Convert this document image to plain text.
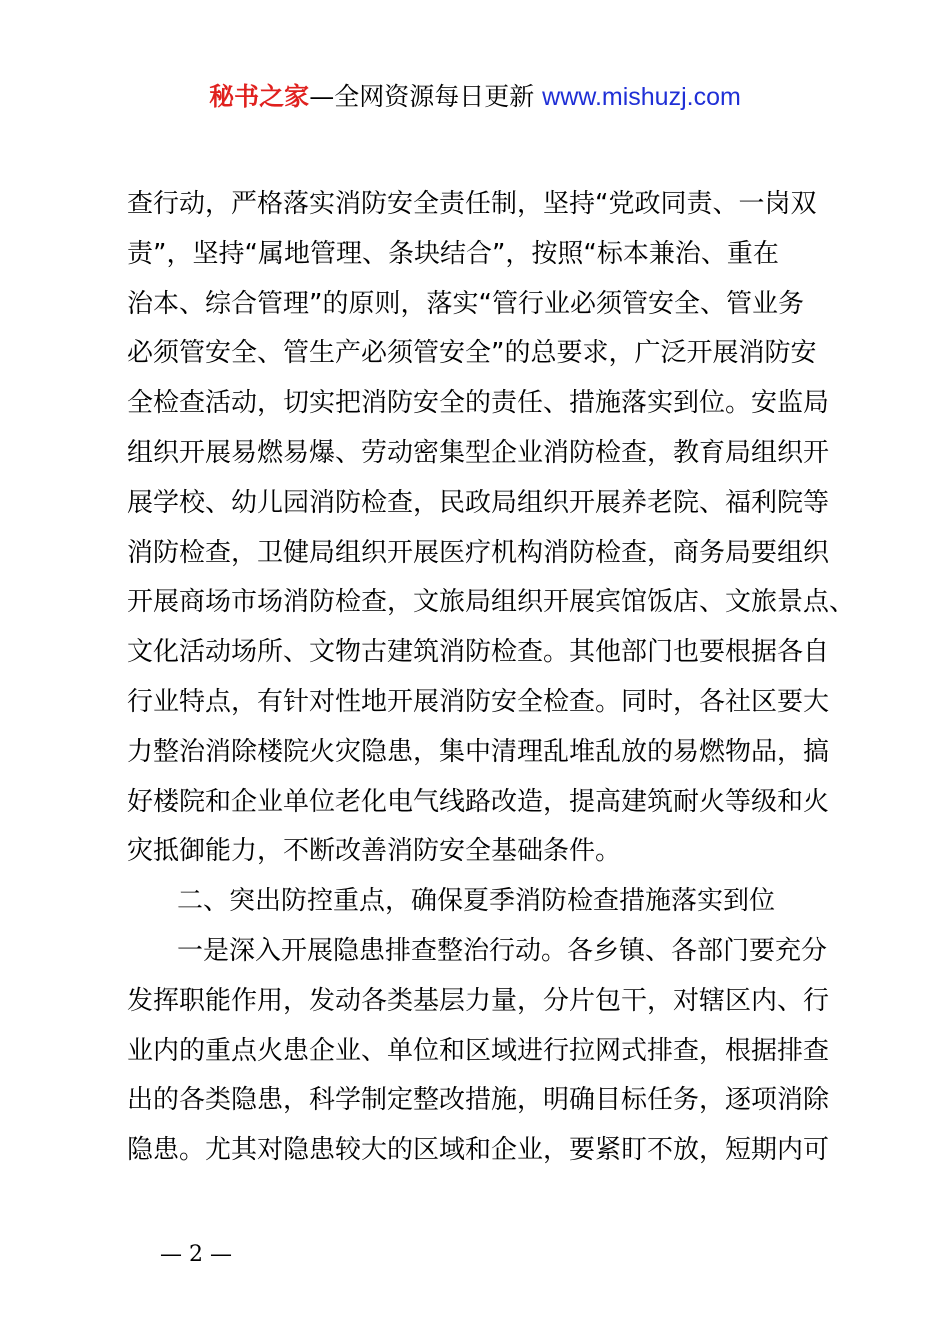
秘书之家—全网资源每日更新 www.mishuzj.com
查行动，严格落实消防安全责任制，坚持“党政同责、一岗双
责”，坚持“属地管理、条块结合”，按照“标本兼治、重在
治本、综合管理”的原则，落实“管行业必须管安全、管业务
必须管安全、管生产必须管安全”的总要求，广泛开展消防安
全检查活动，切实把消防安全的责任、措施落实到位。安监局
组织开展易燃易爆、劳动密集型企业消防检查，教育局组织开
展学校、幼儿园消防检查，民政局组织开展养老院、福利院等
消防检查，卫健局组织开展医疗机构消防检查，商务局要组织
开展商场市场消防检查，文旅局组织开展宾馆饭店、文旅景点、
文化活动场所、文物古建筑消防检查。其他部门也要根据各自
行业特点，有针对性地开展消防安全检查。同时，各社区要大
力整治消除楼院火灾隐患，集中清理乱堆乱放的易燃物品，搞
好楼院和企业单位老化电气线路改造，提高建筑耐火等级和火
灾抵御能力，不断改善消防安全基础条件。
二、突出防控重点，确保夏季消防检查措施落实到位
一是深入开展隐患排查整治行动。各乡镇、各部门要充分
发挥职能作用，发动各类基层力量，分片包干，对辖区内、行
业内的重点火患企业、单位和区域进行拉网式排查，根据排查
出的各类隐患，科学制定整改措施，明确目标任务，逐项消除
隐患。尤其对隐患较大的区域和企业，要紧盯不放，短期内可
— 2 —
